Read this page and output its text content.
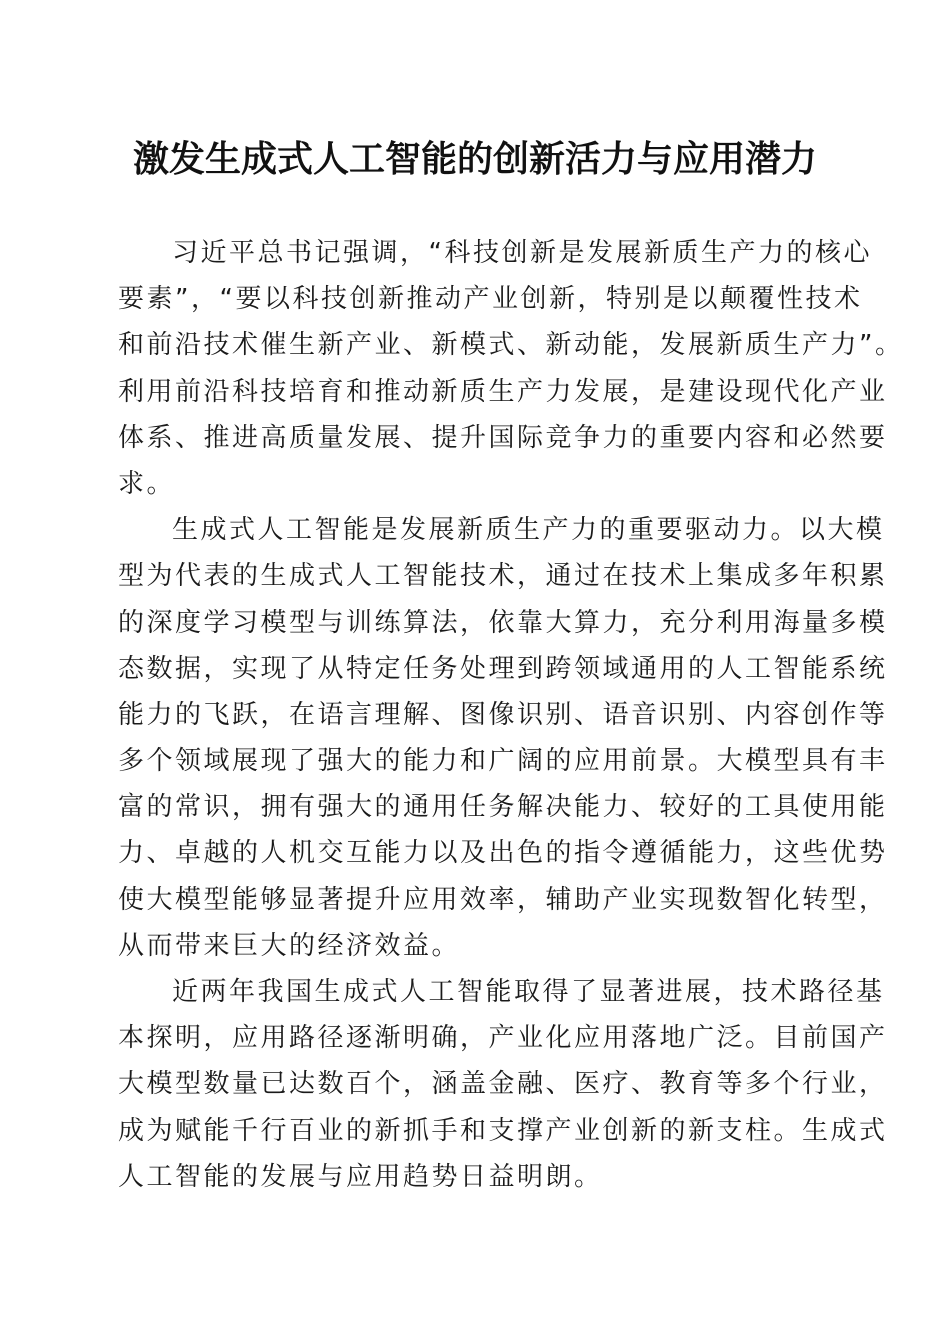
激发生成式人工智能的创新活力与应用潜力
习近平总书记强调，“科技创新是发展新质生产力的核心
要素”，“要以科技创新推动产业创新，特别是以颠覆性技术
和前沿技术催生新产业、新模式、新动能，发展新质生产力”。
利用前沿科技培育和推动新质生产力发展，是建设现代化产业
体系、推进高质量发展、提升国际竞争力的重要内容和必然要
求。
生成式人工智能是发展新质生产力的重要驱动力。以大模
型为代表的生成式人工智能技术，通过在技术上集成多年积累
的深度学习模型与训练算法，依靠大算力，充分利用海量多模
态数据，实现了从特定任务处理到跨领域通用的人工智能系统
能力的飞跃，在语言理解、图像识别、语音识别、内容创作等
多个领域展现了强大的能力和广阔的应用前景。大模型具有丰
富的常识，拥有强大的通用任务解决能力、较好的工具使用能
力、卓越的人机交互能力以及出色的指令遵循能力，这些优势
使大模型能够显著提升应用效率，辅助产业实现数智化转型，
从而带来巨大的经济效益。
近两年我国生成式人工智能取得了显著进展，技术路径基
本探明，应用路径逐渐明确，产业化应用落地广泛。目前国产
大模型数量已达数百个，涵盖金融、医疗、教育等多个行业，
成为赋能千行百业的新抓手和支撑产业创新的新支柱。生成式
人工智能的发展与应用趋势日益明朗。
